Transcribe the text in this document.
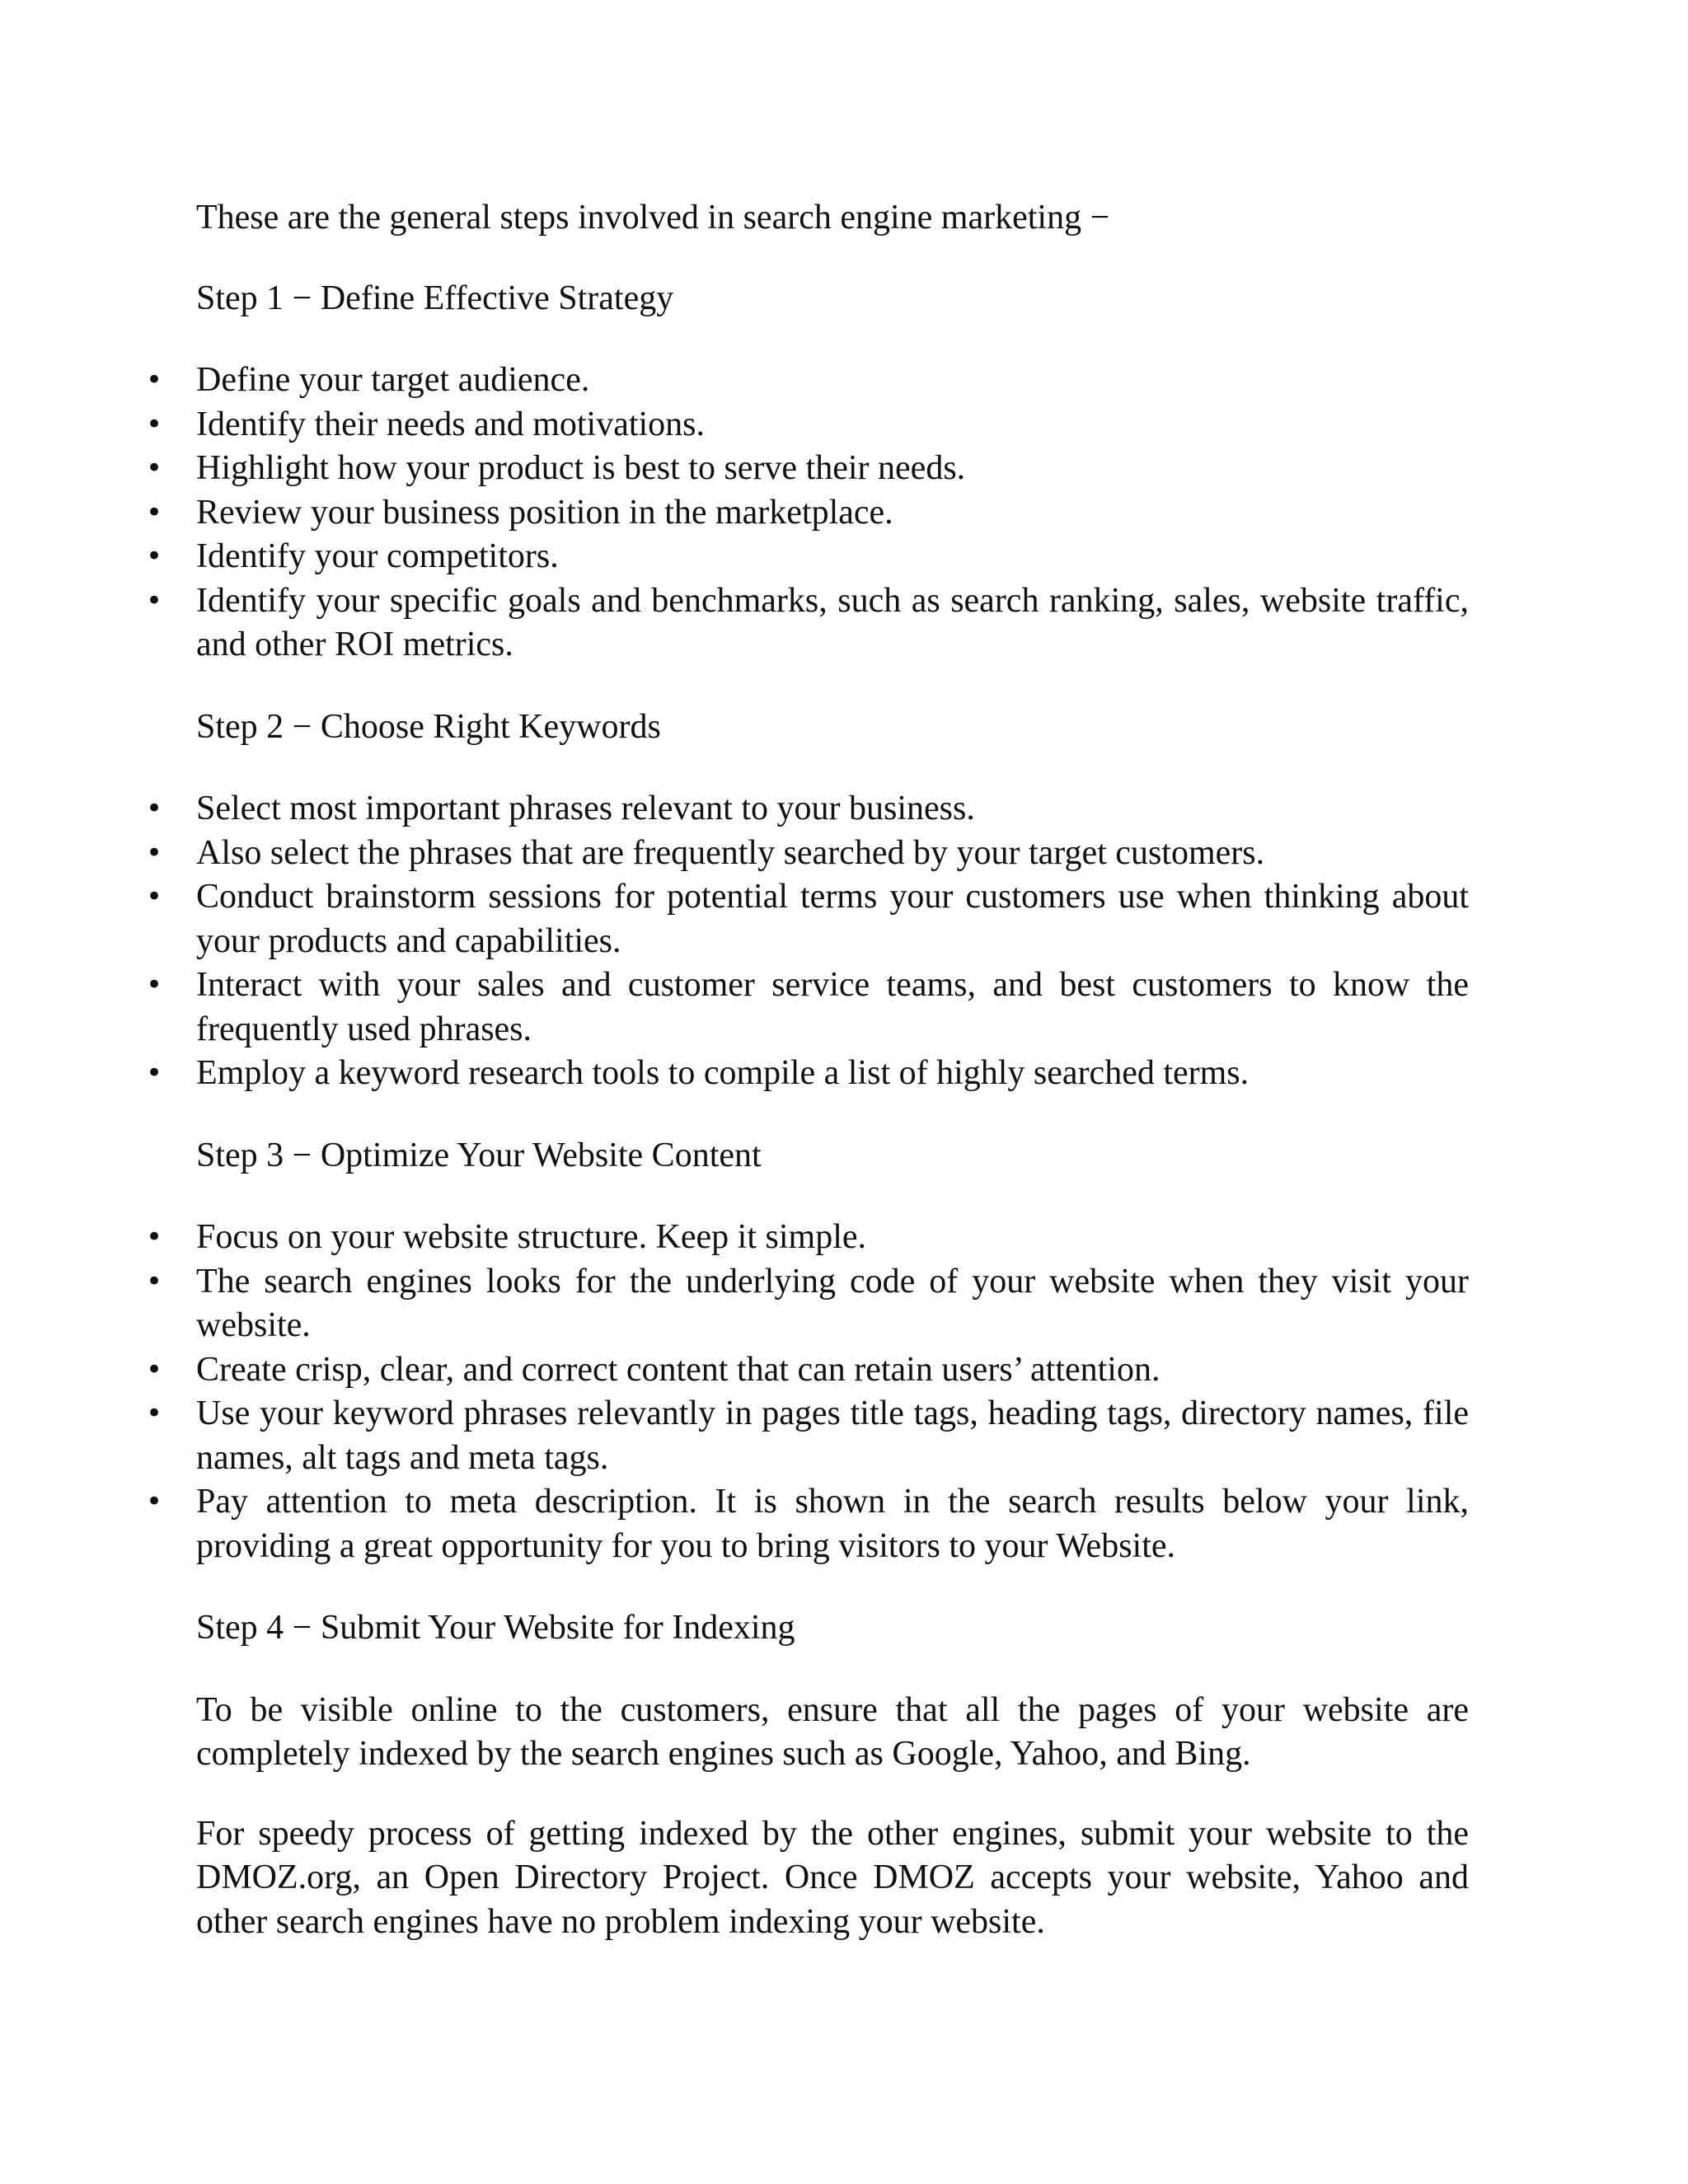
These are the general steps involved in search engine marketing −

Step 1 − Define Effective Strategy

• Define your target audience.
• Identify their needs and motivations.
• Highlight how your product is best to serve their needs.
• Review your business position in the marketplace.
• Identify your competitors.
• Identify your specific goals and benchmarks, such as search ranking, sales, website traffic, and other ROI metrics.

Step 2 − Choose Right Keywords

• Select most important phrases relevant to your business.
• Also select the phrases that are frequently searched by your target customers.
• Conduct brainstorm sessions for potential terms your customers use when thinking about your products and capabilities.
• Interact with your sales and customer service teams, and best customers to know the frequently used phrases.
• Employ a keyword research tools to compile a list of highly searched terms.

Step 3 − Optimize Your Website Content

• Focus on your website structure. Keep it simple.
• The search engines looks for the underlying code of your website when they visit your website.
• Create crisp, clear, and correct content that can retain users’ attention.
• Use your keyword phrases relevantly in pages title tags, heading tags, directory names, file names, alt tags and meta tags.
• Pay attention to meta description. It is shown in the search results below your link, providing a great opportunity for you to bring visitors to your Website.

Step 4 − Submit Your Website for Indexing

To be visible online to the customers, ensure that all the pages of your website are completely indexed by the search engines such as Google, Yahoo, and Bing.

For speedy process of getting indexed by the other engines, submit your website to the DMOZ.org, an Open Directory Project. Once DMOZ accepts your website, Yahoo and other search engines have no problem indexing your website.
